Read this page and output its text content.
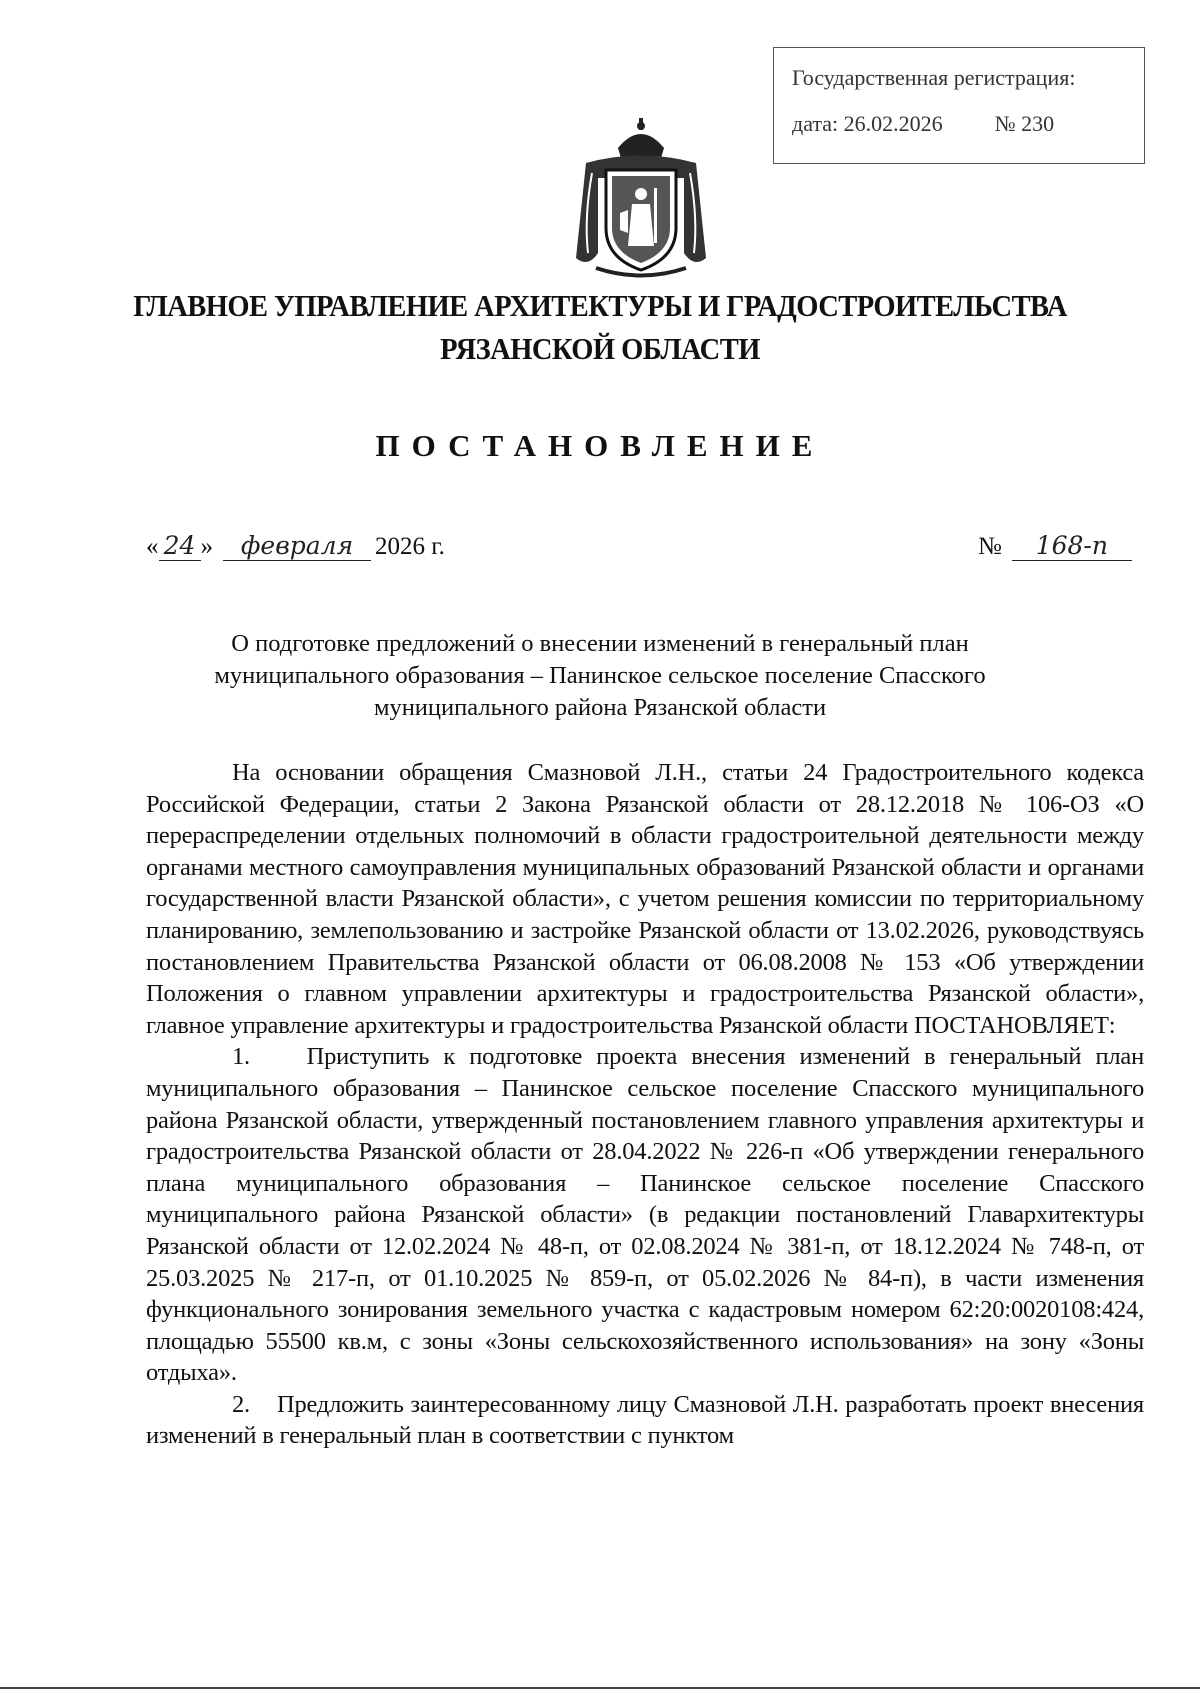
Государственная регистрация:
дата: 26.02.2026 № 230
ГЛАВНОЕ УПРАВЛЕНИЕ АРХИТЕКТУРЫ И ГРАДОСТРОИТЕЛЬСТВА
РЯЗАНСКОЙ ОБЛАСТИ
ПОСТАНОВЛЕНИЕ
« 24 »	февраля 2026 г.	№	168-п
О подготовке предложений о внесении изменений в генеральный план
муниципального образования – Панинское сельское поселение Спасского
муниципального района Рязанской области

На основании обращения Смазновой Л.Н., статьи 24 Градостроительного кодекса Российской Федерации, статьи 2 Закона Рязанской области от 28.12.2018 № 106-ОЗ «О перераспределении отдельных полномочий в области градостроительной деятельности между органами местного самоуправления муниципальных образований Рязанской области и органами государственной власти Рязанской области», с учетом решения комиссии по территориальному планированию, землепользованию и застройке Рязанской области от 13.02.2026, руководствуясь постановлением Правительства Рязанской области от 06.08.2008 № 153 «Об утверждении Положения о главном управлении архитектуры и градостроительства Рязанской области», главное управление архитектуры и градостроительства Рязанской области ПОСТАНОВЛЯЕТ:

1. Приступить к подготовке проекта внесения изменений в генеральный план муниципального образования – Панинское сельское поселение Спасского муниципального района Рязанской области, утвержденный постановлением главного управления архитектуры и градостроительства Рязанской области от 28.04.2022 № 226-п «Об утверждении генерального плана муниципального образования – Панинское сельское поселение Спасского муниципального района Рязанской области» (в редакции постановлений Главархитектуры Рязанской области от 12.02.2024 № 48-п, от 02.08.2024 № 381-п, от 18.12.2024 № 748-п, от 25.03.2025 № 217-п, от 01.10.2025 № 859-п, от 05.02.2026 № 84-п), в части изменения функционального зонирования земельного участка с кадастровым номером 62:20:0020108:424, площадью 55500 кв.м, с зоны «Зоны сельскохозяйственного использования» на зону «Зоны отдыха».

2. Предложить заинтересованному лицу Смазновой Л.Н. разработать проект внесения изменений в генеральный план в соответствии с пунктом
